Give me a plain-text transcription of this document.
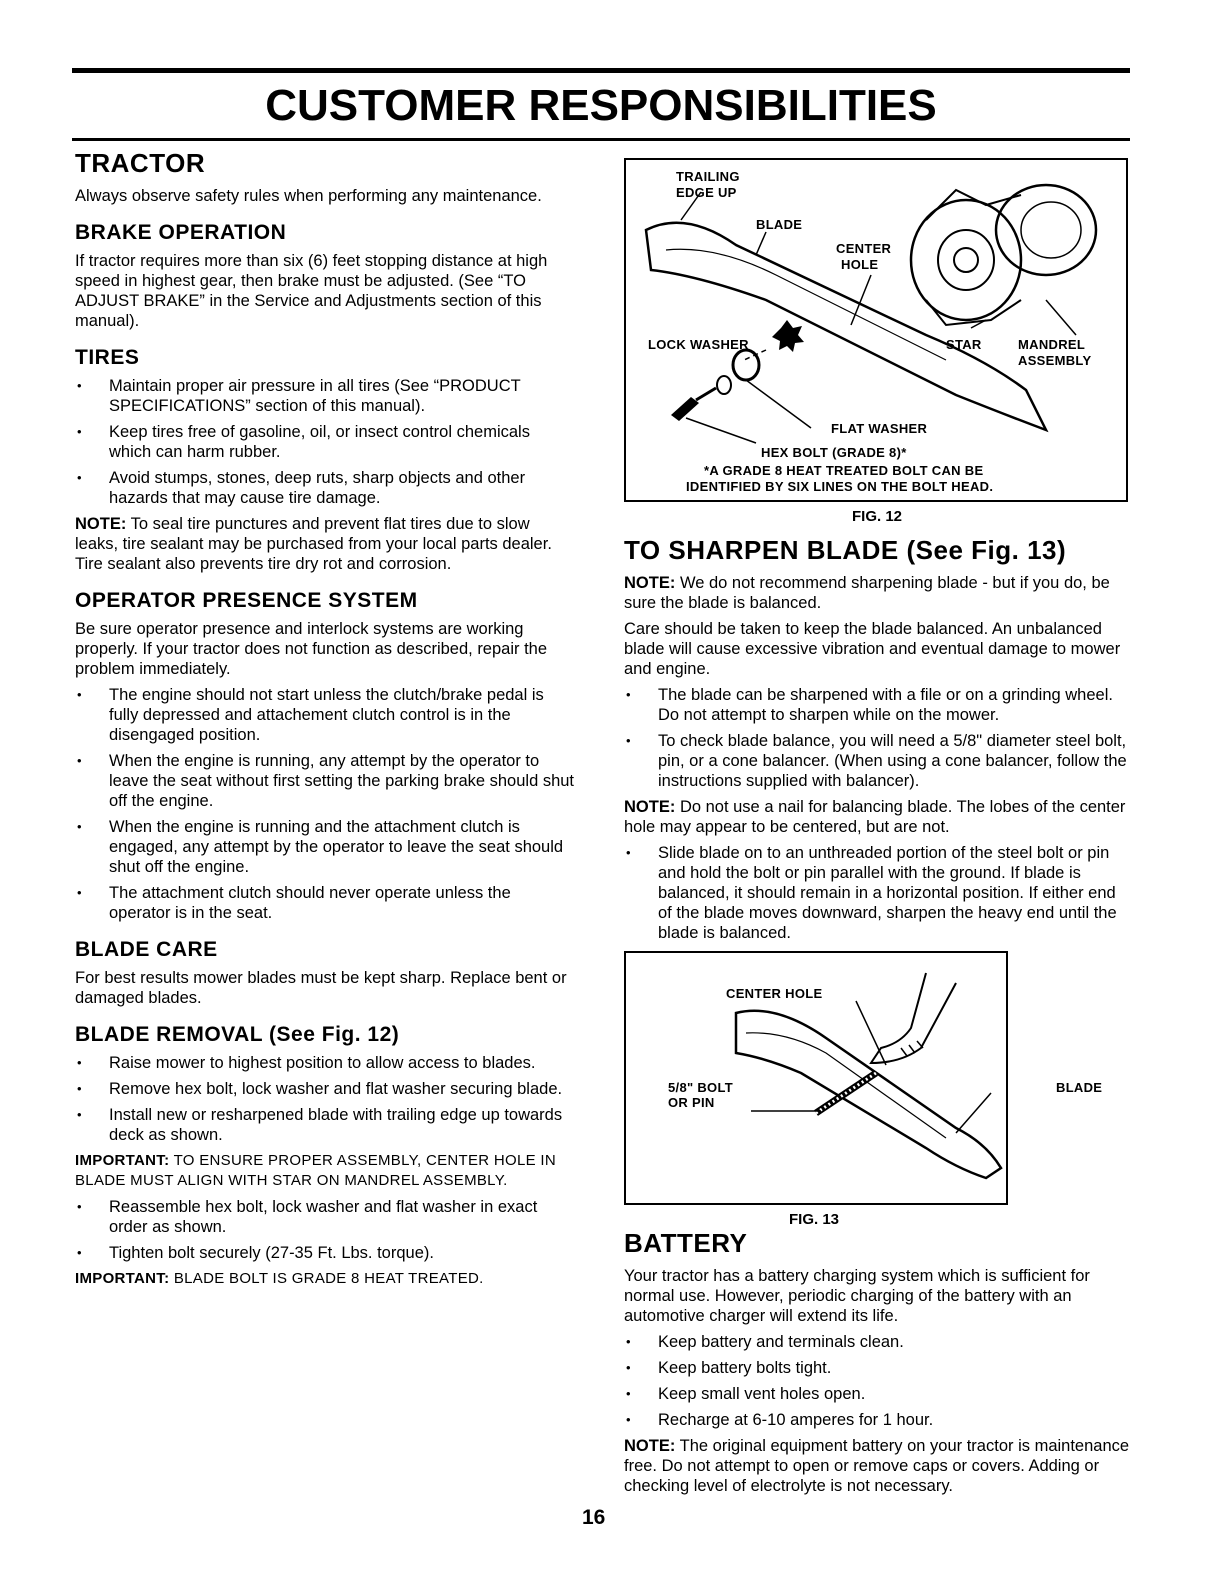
CUSTOMER RESPONSIBILITIES
TRACTOR

Always observe safety rules when performing any maintenance.

BRAKE OPERATION

If tractor requires more than six (6) feet stopping distance at high speed in highest gear, then brake must be adjusted. (See “TO ADJUST BRAKE” in the Service and Adjustments section of this manual).

TIRES
• Maintain proper air pressure in all tires (See “PRODUCT SPECIFICATIONS” section of this manual).
• Keep tires free of gasoline, oil, or insect control chemicals which can harm rubber.
• Avoid stumps, stones, deep ruts, sharp objects and other hazards that may cause tire damage.

NOTE: To seal tire punctures and prevent flat tires due to slow leaks, tire sealant may be purchased from your local parts dealer. Tire sealant also prevents tire dry rot and corrosion.

OPERATOR PRESENCE SYSTEM

Be sure operator presence and interlock systems are working properly. If your tractor does not function as described, repair the problem immediately.

• The engine should not start unless the clutch/brake pedal is fully depressed and attachement clutch control is in the disengaged position.
• When the engine is running, any attempt by the operator to leave the seat without first setting the parking brake should shut off the engine.
• When the engine is running and the attachment clutch is engaged, any attempt by the operator to leave the seat should shut off the engine.
• The attachment clutch should never operate unless the operator is in the seat.
BLADE CARE

For best results mower blades must be kept sharp. Replace bent or damaged blades.

BLADE REMOVAL (See Fig. 12)
• Raise mower to highest position to allow access to blades.
• Remove hex bolt, lock washer and flat washer securing blade.
• Install new or resharpened blade with trailing edge up towards deck as shown.

IMPORTANT: TO ENSURE PROPER ASSEMBLY, CENTER HOLE IN BLADE MUST ALIGN WITH STAR ON MANDREL ASSEMBLY.

• Reassemble hex bolt, lock washer and flat washer in exact order as shown.
• Tighten bolt securely (27-35 Ft. Lbs. torque).

IMPORTANT: BLADE BOLT IS GRADE 8 HEAT TREATED.

TRAILING
EDGE UP
BLADE
CENTER
HOLE
LOCK WASHER	STAR	MANDREL
ASSEMBLY
FLAT WASHER
HEX BOLT (GRADE 8)*
*A GRADE 8 HEAT TREATED BOLT CAN BE
IDENTIFIED BY SIX LINES ON THE BOLT HEAD.
FIG. 12
TO SHARPEN BLADE (See Fig. 13)

NOTE: We do not recommend sharpening blade - but if you do, be sure the blade is balanced.

Care should be taken to keep the blade balanced. An unbalanced blade will cause excessive vibration and eventual damage to mower and engine.

• The blade can be sharpened with a file or on a grinding wheel. Do not attempt to sharpen while on the mower.
• To check blade balance, you will need a 5/8" diameter steel bolt, pin, or a cone balancer. (When using a cone balancer, follow the instructions supplied with balancer).

NOTE: Do not use a nail for balancing blade. The lobes of the center hole may appear to be centered, but are not.

• Slide blade on to an unthreaded portion of the steel bolt or pin and hold the bolt or pin parallel with the ground. If blade is balanced, it should remain in a horizontal position. If either end of the blade moves downward, sharpen the heavy end until the blade is balanced.
CENTER HOLE
5/8" BOLT
OR PIN
BLADE
FIG. 13
BATTERY

Your tractor has a battery charging system which is sufficient for normal use. However, periodic charging of the battery with an automotive charger will extend its life.

• Keep battery and terminals clean.
• Keep battery bolts tight.
• Keep small vent holes open.
• Recharge at 6-10 amperes for 1 hour.

NOTE: The original equipment battery on your tractor is maintenance free. Do not attempt to open or remove caps or covers. Adding or checking level of electrolyte is not necessary.

16
